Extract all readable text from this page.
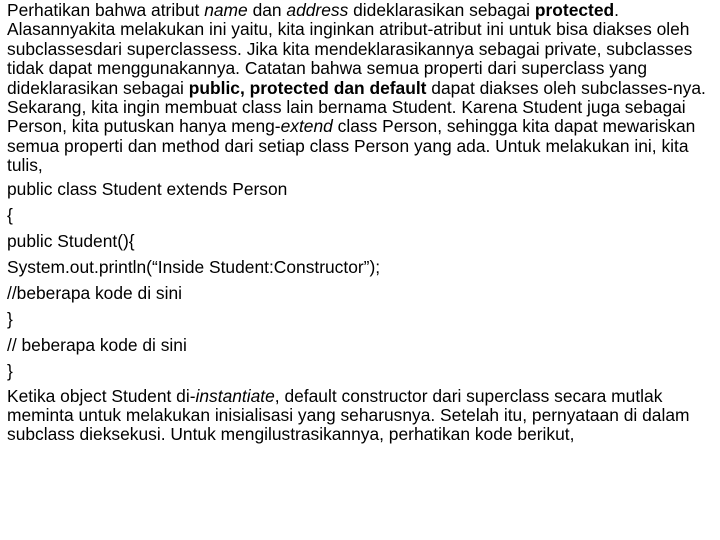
Perhatikan bahwa atribut name dan address dideklarasikan sebagai protected. Alasannyakita melakukan ini yaitu, kita inginkan atribut-atribut ini untuk bisa diakses oleh subclassesdari superclassess. Jika kita mendeklarasikannya sebagai private, subclasses tidak dapat menggunakannya. Catatan bahwa semua properti dari superclass yang dideklarasikan sebagai public, protected dan default dapat diakses oleh subclasses-nya. Sekarang, kita ingin membuat class lain bernama Student. Karena Student juga sebagai Person, kita putuskan hanya meng-extend class Person, sehingga kita dapat mewariskan semua properti dan method dari setiap class Person yang ada. Untuk melakukan ini, kita tulis,

public class Student extends Person

{

public Student(){

System.out.println(“Inside Student:Constructor”);

//beberapa kode di sini

}

// beberapa kode di sini

}

Ketika object Student di-instantiate, default constructor dari superclass secara mutlak meminta untuk melakukan inisialisasi yang seharusnya. Setelah itu, pernyataan di dalam subclass dieksekusi. Untuk mengilustrasikannya, perhatikan kode berikut,
